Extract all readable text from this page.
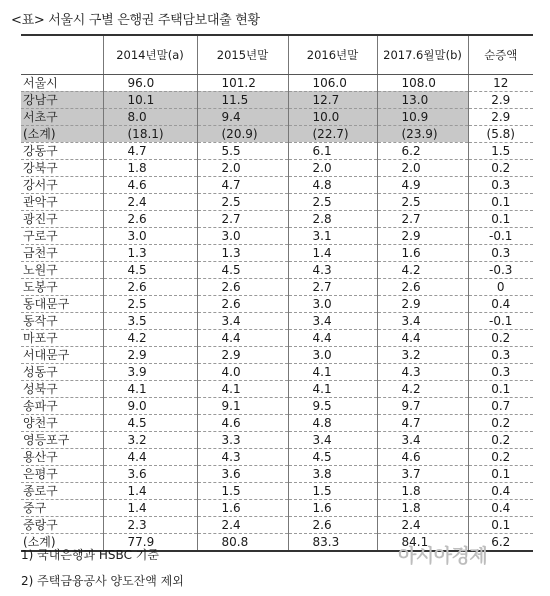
<표> 서울시 구별 은행권 주택담보대출 현황
	2014년말(a)	2015년말	2016년말	2017.6월말(b)	순증액
서울시	96.0	101.2	106.0	108.0	12
강남구	10.1	11.5	12.7	13.0	2.9
서초구	8.0	9.4	10.0	10.9	2.9
(소계)	(18.1)	(20.9)	(22.7)	(23.9)	(5.8)
강동구	4.7	5.5	6.1	6.2	1.5
강북구	1.8	2.0	2.0	2.0	0.2
강서구	4.6	4.7	4.8	4.9	0.3
관악구	2.4	2.5	2.5	2.5	0.1
광진구	2.6	2.7	2.8	2.7	0.1
구로구	3.0	3.0	3.1	2.9	-0.1
금천구	1.3	1.3	1.4	1.6	0.3
노원구	4.5	4.5	4.3	4.2	-0.3
도봉구	2.6	2.6	2.7	2.6	0
동대문구	2.5	2.6	3.0	2.9	0.4
동작구	3.5	3.4	3.4	3.4	-0.1
마포구	4.2	4.4	4.4	4.4	0.2
서대문구	2.9	2.9	3.0	3.2	0.3
성동구	3.9	4.0	4.1	4.3	0.3
성북구	4.1	4.1	4.1	4.2	0.1
송파구	9.0	9.1	9.5	9.7	0.7
양천구	4.5	4.6	4.8	4.7	0.2
영등포구	3.2	3.3	3.4	3.4	0.2
용산구	4.4	4.3	4.5	4.6	0.2
은평구	3.6	3.6	3.8	3.7	0.1
종로구	1.4	1.5	1.5	1.8	0.4
중구	1.4	1.6	1.6	1.8	0.4
중랑구	2.3	2.4	2.6	2.4	0.1
(소계)	77.9	80.8	83.3	84.1	6.2
1) 국내은행과 HSBC 기준
2) 주택금융공사 양도잔액 제외
아시아경제
